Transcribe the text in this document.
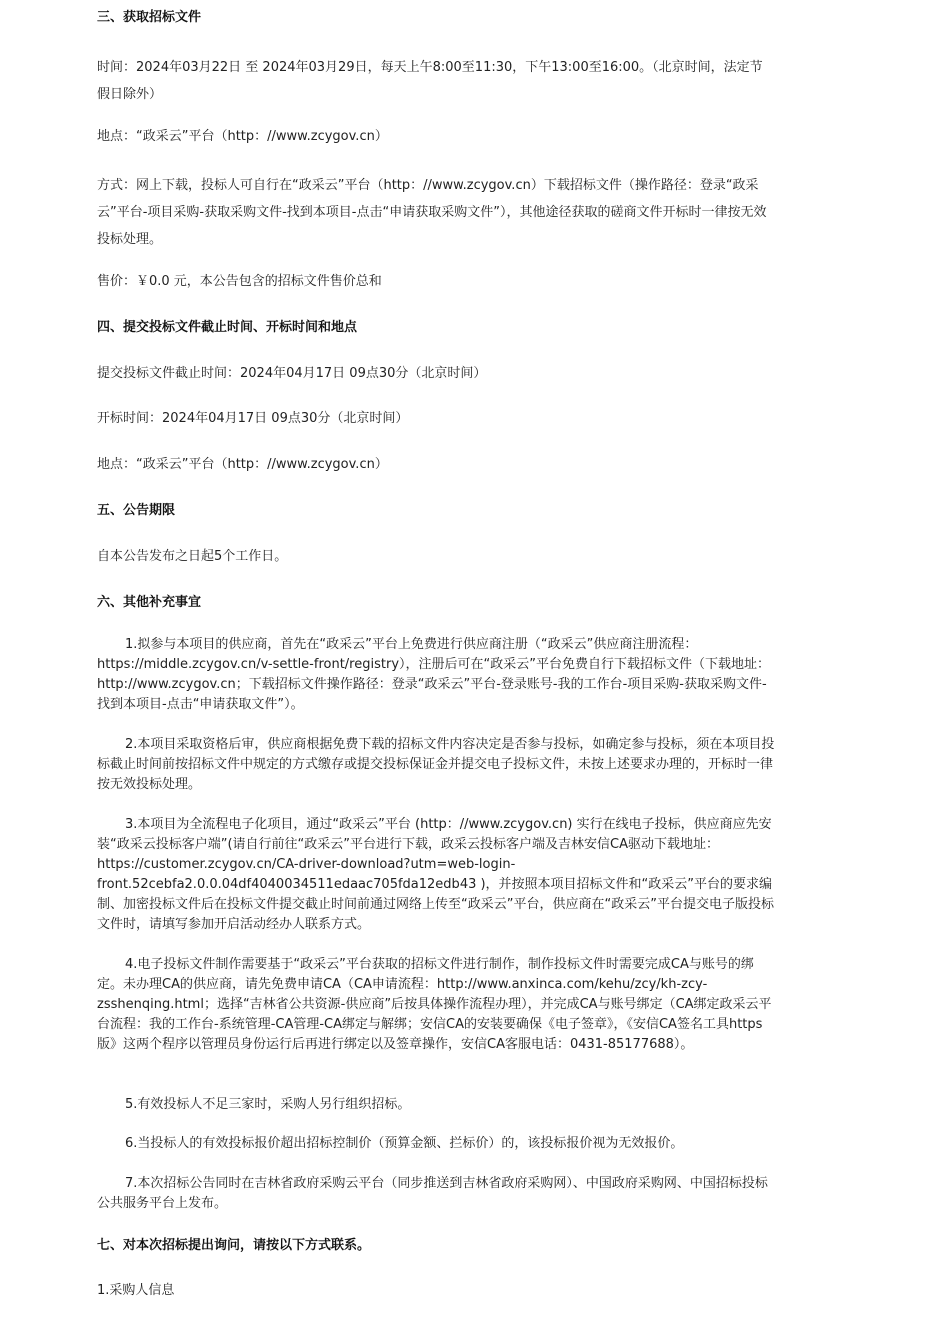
三、获取招标文件

时间：2024年03月22日 至 2024年03月29日，每天上午8:00至11:30，下午13:00至16:00。（北京时间，法定节假日除外）

地点：“政采云”平台（http：//www.zcygov.cn）

方式：网上下载，投标人可自行在“政采云”平台（http：//www.zcygov.cn）下载招标文件（操作路径：登录“政采云”平台-项目采购-获取采购文件-找到本项目-点击“申请获取采购文件”），其他途径获取的磋商文件开标时一律按无效投标处理。

售价：￥0.0 元，本公告包含的招标文件售价总和

四、提交投标文件截止时间、开标时间和地点

提交投标文件截止时间：2024年04月17日 09点30分（北京时间）

开标时间：2024年04月17日 09点30分（北京时间）

地点：“政采云”平台（http：//www.zcygov.cn）

五、公告期限

自本公告发布之日起5个工作日。

六、其他补充事宜

1.拟参与本项目的供应商，首先在“政采云”平台上免费进行供应商注册（“政采云”供应商注册流程：https://middle.zcygov.cn/v-settle-front/registry），注册后可在“政采云”平台免费自行下载招标文件（下载地址：http://www.zcygov.cn；下载招标文件操作路径：登录“政采云”平台-登录账号-我的工作台-项目采购-获取采购文件-找到本项目-点击“申请获取文件”）。

2.本项目采取资格后审，供应商根据免费下载的招标文件内容决定是否参与投标，如确定参与投标，须在本项目投标截止时间前按招标文件中规定的方式缴存或提交投标保证金并提交电子投标文件，未按上述要求办理的，开标时一律按无效投标处理。

3.本项目为全流程电子化项目，通过“政采云”平台 (http：//www.zcygov.cn) 实行在线电子投标，供应商应先安装“政采云投标客户端”(请自行前往“政采云”平台进行下载，政采云投标客户端及吉林安信CA驱动下载地址：https://customer.zcygov.cn/CA-driver-download?utm=web-login-front.52cebfa2.0.0.04df4040034511edaac705fda12edb43 )，并按照本项目招标文件和“政采云”平台的要求编制、加密投标文件后在投标文件提交截止时间前通过网络上传至“政采云”平台，供应商在“政采云”平台提交电子版投标文件时，请填写参加开启活动经办人联系方式。

4.电子投标文件制作需要基于“政采云”平台获取的招标文件进行制作，制作投标文件时需要完成CA与账号的绑定。未办理CA的供应商，请先免费申请CA（CA申请流程：http://www.anxinca.com/kehu/zcy/kh-zcy-zsshenqing.html；选择“吉林省公共资源-供应商”后按具体操作流程办理），并完成CA与账号绑定（CA绑定政采云平台流程：我的工作台-系统管理-CA管理-CA绑定与解绑；安信CA的安装要确保《电子签章》，《安信CA签名工具https版》这两个程序以管理员身份运行后再进行绑定以及签章操作，安信CA客服电话：0431-85177688）。

5.有效投标人不足三家时，采购人另行组织招标。

6.当投标人的有效投标报价超出招标控制价（预算金额、拦标价）的，该投标报价视为无效报价。

7.本次招标公告同时在吉林省政府采购云平台（同步推送到吉林省政府采购网）、中国政府采购网、中国招标投标公共服务平台上发布。

七、对本次招标提出询问，请按以下方式联系。

1.采购人信息
